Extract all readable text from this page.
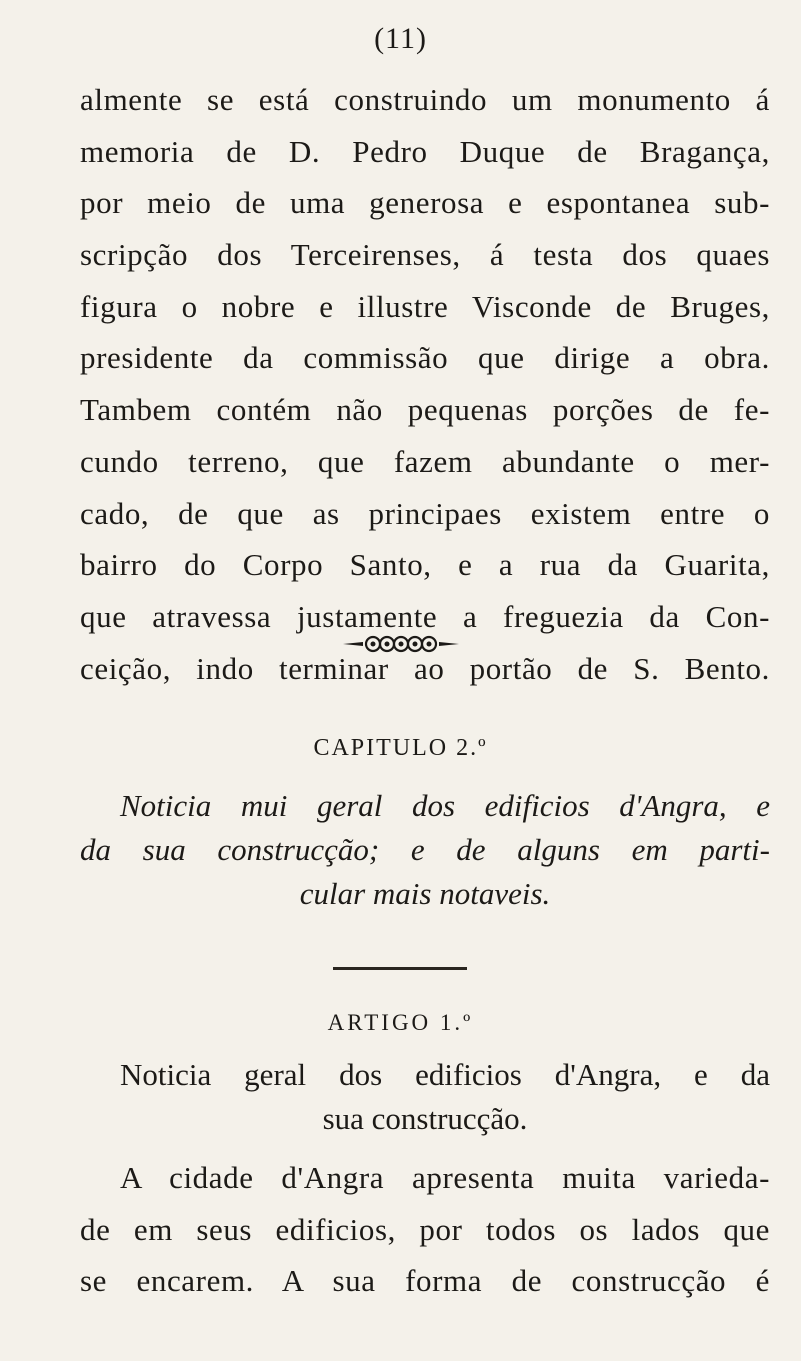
(11)
almente se está construindo um monumento á
memoria de D. Pedro Duque de Bragança,
por meio de uma generosa e espontanea sub-
scripção dos Terceirenses, á testa dos quaes
figura o nobre e illustre Visconde de Bruges,
presidente da commissão que dirige a obra.
Tambem contém não pequenas porções de fe-
cundo terreno, que fazem abundante o mer-
cado, de que as principaes existem entre o
bairro do Corpo Santo, e a rua da Guarita,
que atravessa justamente a freguezia da Con-
ceição, indo terminar ao portão de S. Bento.
CAPITULO 2.º
Noticia mui geral dos edificios d'Angra, e
da sua construcção; e de alguns em parti-
cular mais notaveis.
ARTIGO 1.º
Noticia geral dos edificios d'Angra, e da
sua construcção.
A cidade d'Angra apresenta muita varieda-
de em seus edificios, por todos os lados que
se encarem. A sua forma de construcção é
